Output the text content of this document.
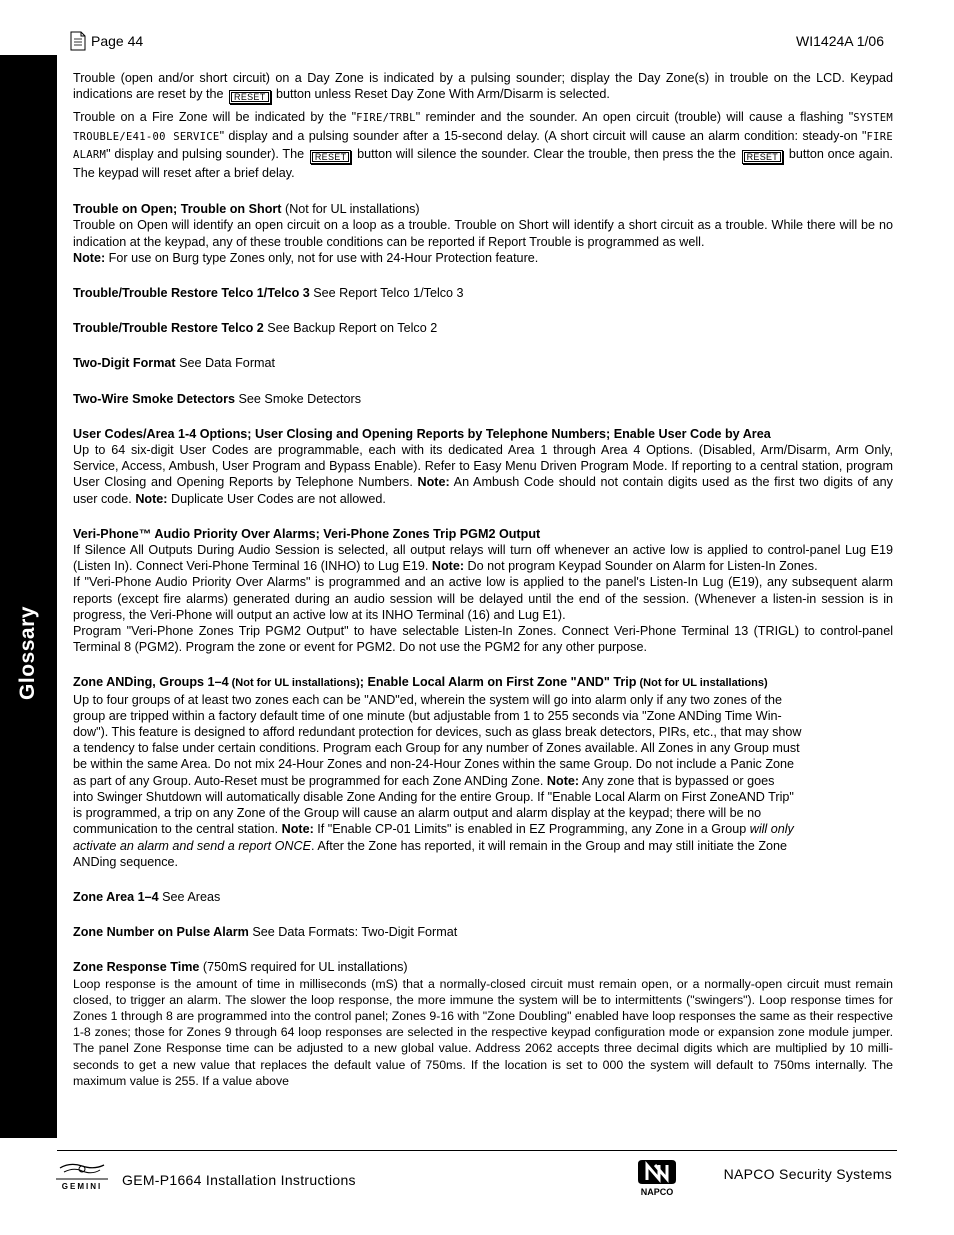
Page 44	WI1424A 1/06
Glossary

Trouble (open and/or short circuit) on a Day Zone is indicated by a pulsing sounder; display the Day Zone(s) in trouble on the LCD. Keypad indications are reset by the RESET button unless Reset Day Zone With Arm/Disarm is selected.

Trouble on a Fire Zone will be indicated by the "FIRE/TRBL" reminder and the sounder. An open circuit (trouble) will cause a flashing "SYSTEM TROUBLE/E41-00 SERVICE" display and a pulsing sounder after a 15-second delay. (A short circuit will cause an alarm condition: steady-on "FIRE ALARM" display and pulsing sounder). The RESET button will silence the sounder. Clear the trouble, then press the the RESET button once again. The keypad will reset after a brief delay.

Trouble on Open; Trouble on Short (Not for UL installations)

Trouble on Open will identify an open circuit on a loop as a trouble. Trouble on Short will identify a short circuit as a trouble. While there will be no indication at the keypad, any of these trouble conditions can be reported if Report Trouble is programmed as well.

Note: For use on Burg type Zones only, not for use with 24-Hour Protection feature.

Trouble/Trouble Restore Telco 1/Telco 3 See Report Telco 1/Telco 3

Trouble/Trouble Restore Telco 2 See Backup Report on Telco 2

Two-Digit Format See Data Format

Two-Wire Smoke Detectors See Smoke Detectors

User Codes/Area 1-4 Options; User Closing and Opening Reports by Telephone Numbers; Enable User Code by Area

Up to 64 six-digit User Codes are programmable, each with its dedicated Area 1 through Area 4 Options. (Disabled, Arm/Disarm, Arm Only, Service, Access, Ambush, User Program and Bypass Enable). Refer to Easy Menu Driven Program Mode. If reporting to a central station, program User Closing and Opening Reports by Telephone Numbers. Note: An Ambush Code should not contain digits used as the first two digits of any user code. Note: Duplicate User Codes are not allowed.

Veri-Phone™ Audio Priority Over Alarms; Veri-Phone Zones Trip PGM2 Output

If Silence All Outputs During Audio Session is selected, all output relays will turn off whenever an active low is applied to control-panel Lug E19 (Listen In). Connect Veri-Phone Terminal 16 (INHO) to Lug E19. Note: Do not program Keypad Sounder on Alarm for Listen-In Zones.

If "Veri-Phone Audio Priority Over Alarms" is programmed and an active low is applied to the panel's Listen-In Lug (E19), any subsequent alarm reports (except fire alarms) generated during an audio session will be delayed until the end of the session. (Whenever a listen-in session is in progress, the Veri-Phone will output an active low at its INHO Terminal (16) and Lug E1).

Program "Veri-Phone Zones Trip PGM2 Output" to have selectable Listen-In Zones. Connect Veri-Phone Terminal 13 (TRIGL) to control-panel Terminal 8 (PGM2). Program the zone or event for PGM2. Do not use the PGM2 for any other purpose.

Zone ANDing, Groups 1–4 (Not for UL installations); Enable Local Alarm on First Zone "AND" Trip (Not for UL installations)

Up to four groups of at least two zones each can be "AND"ed, wherein the system will go into alarm only if any two zones of the
group are tripped within a factory default time of one minute (but adjustable from 1 to 255 seconds via "Zone ANDing Time Win-
dow"). This feature is designed to afford redundant protection for devices, such as glass break detectors, PIRs, etc., that may show
a tendency to false under certain conditions. Program each Group for any number of Zones available. All Zones in any Group must
be within the same Area. Do not mix 24-Hour Zones and non-24-Hour Zones within the same Group. Do not include a Panic Zone
as part of any Group. Auto-Reset must be programmed for each Zone ANDing Zone. Note: Any zone that is bypassed or goes
into Swinger Shutdown will automatically disable Zone Anding for the entire Group. If "Enable Local Alarm on First ZoneAND Trip"
is programmed, a trip on any Zone of the Group will cause an alarm output and alarm display at the keypad; there will be no
communication to the central station. Note: If "Enable CP-01 Limits" is enabled in EZ Programming, any Zone in a Group will only
activate an alarm and send a report ONCE. After the Zone has reported, it will remain in the Group and may still initiate the Zone
ANDing sequence.

Zone Area 1–4 See Areas

Zone Number on Pulse Alarm See Data Formats: Two-Digit Format

Zone Response Time (750mS required for UL installations)

Loop response is the amount of time in milliseconds (mS) that a normally-closed circuit must remain open, or a normally-open circuit must remain closed, to trigger an alarm. The slower the loop response, the more immune the system will be to intermittents ("swingers"). Loop response times for Zones 1 through 8 are programmed into the control panel; Zones 9-16 with "Zone Doubling" enabled have loop responses the same as their respective 1-8 zones; those for Zones 9 through 64 loop responses are selected in the respective keypad configuration mode or expansion zone module jumper. The panel Zone Response time can be adjusted to a new global value. Address 2062 accepts three decimal digits which are multiplied by 10 milli-seconds to get a new value that replaces the default value of 750ms. If the location is set to 000 the system will default to 750ms internally. The maximum value is 255. If a value above

GEMINI GEM-P1664 Installation Instructions
NAPCO
NAPCO Security Systems
